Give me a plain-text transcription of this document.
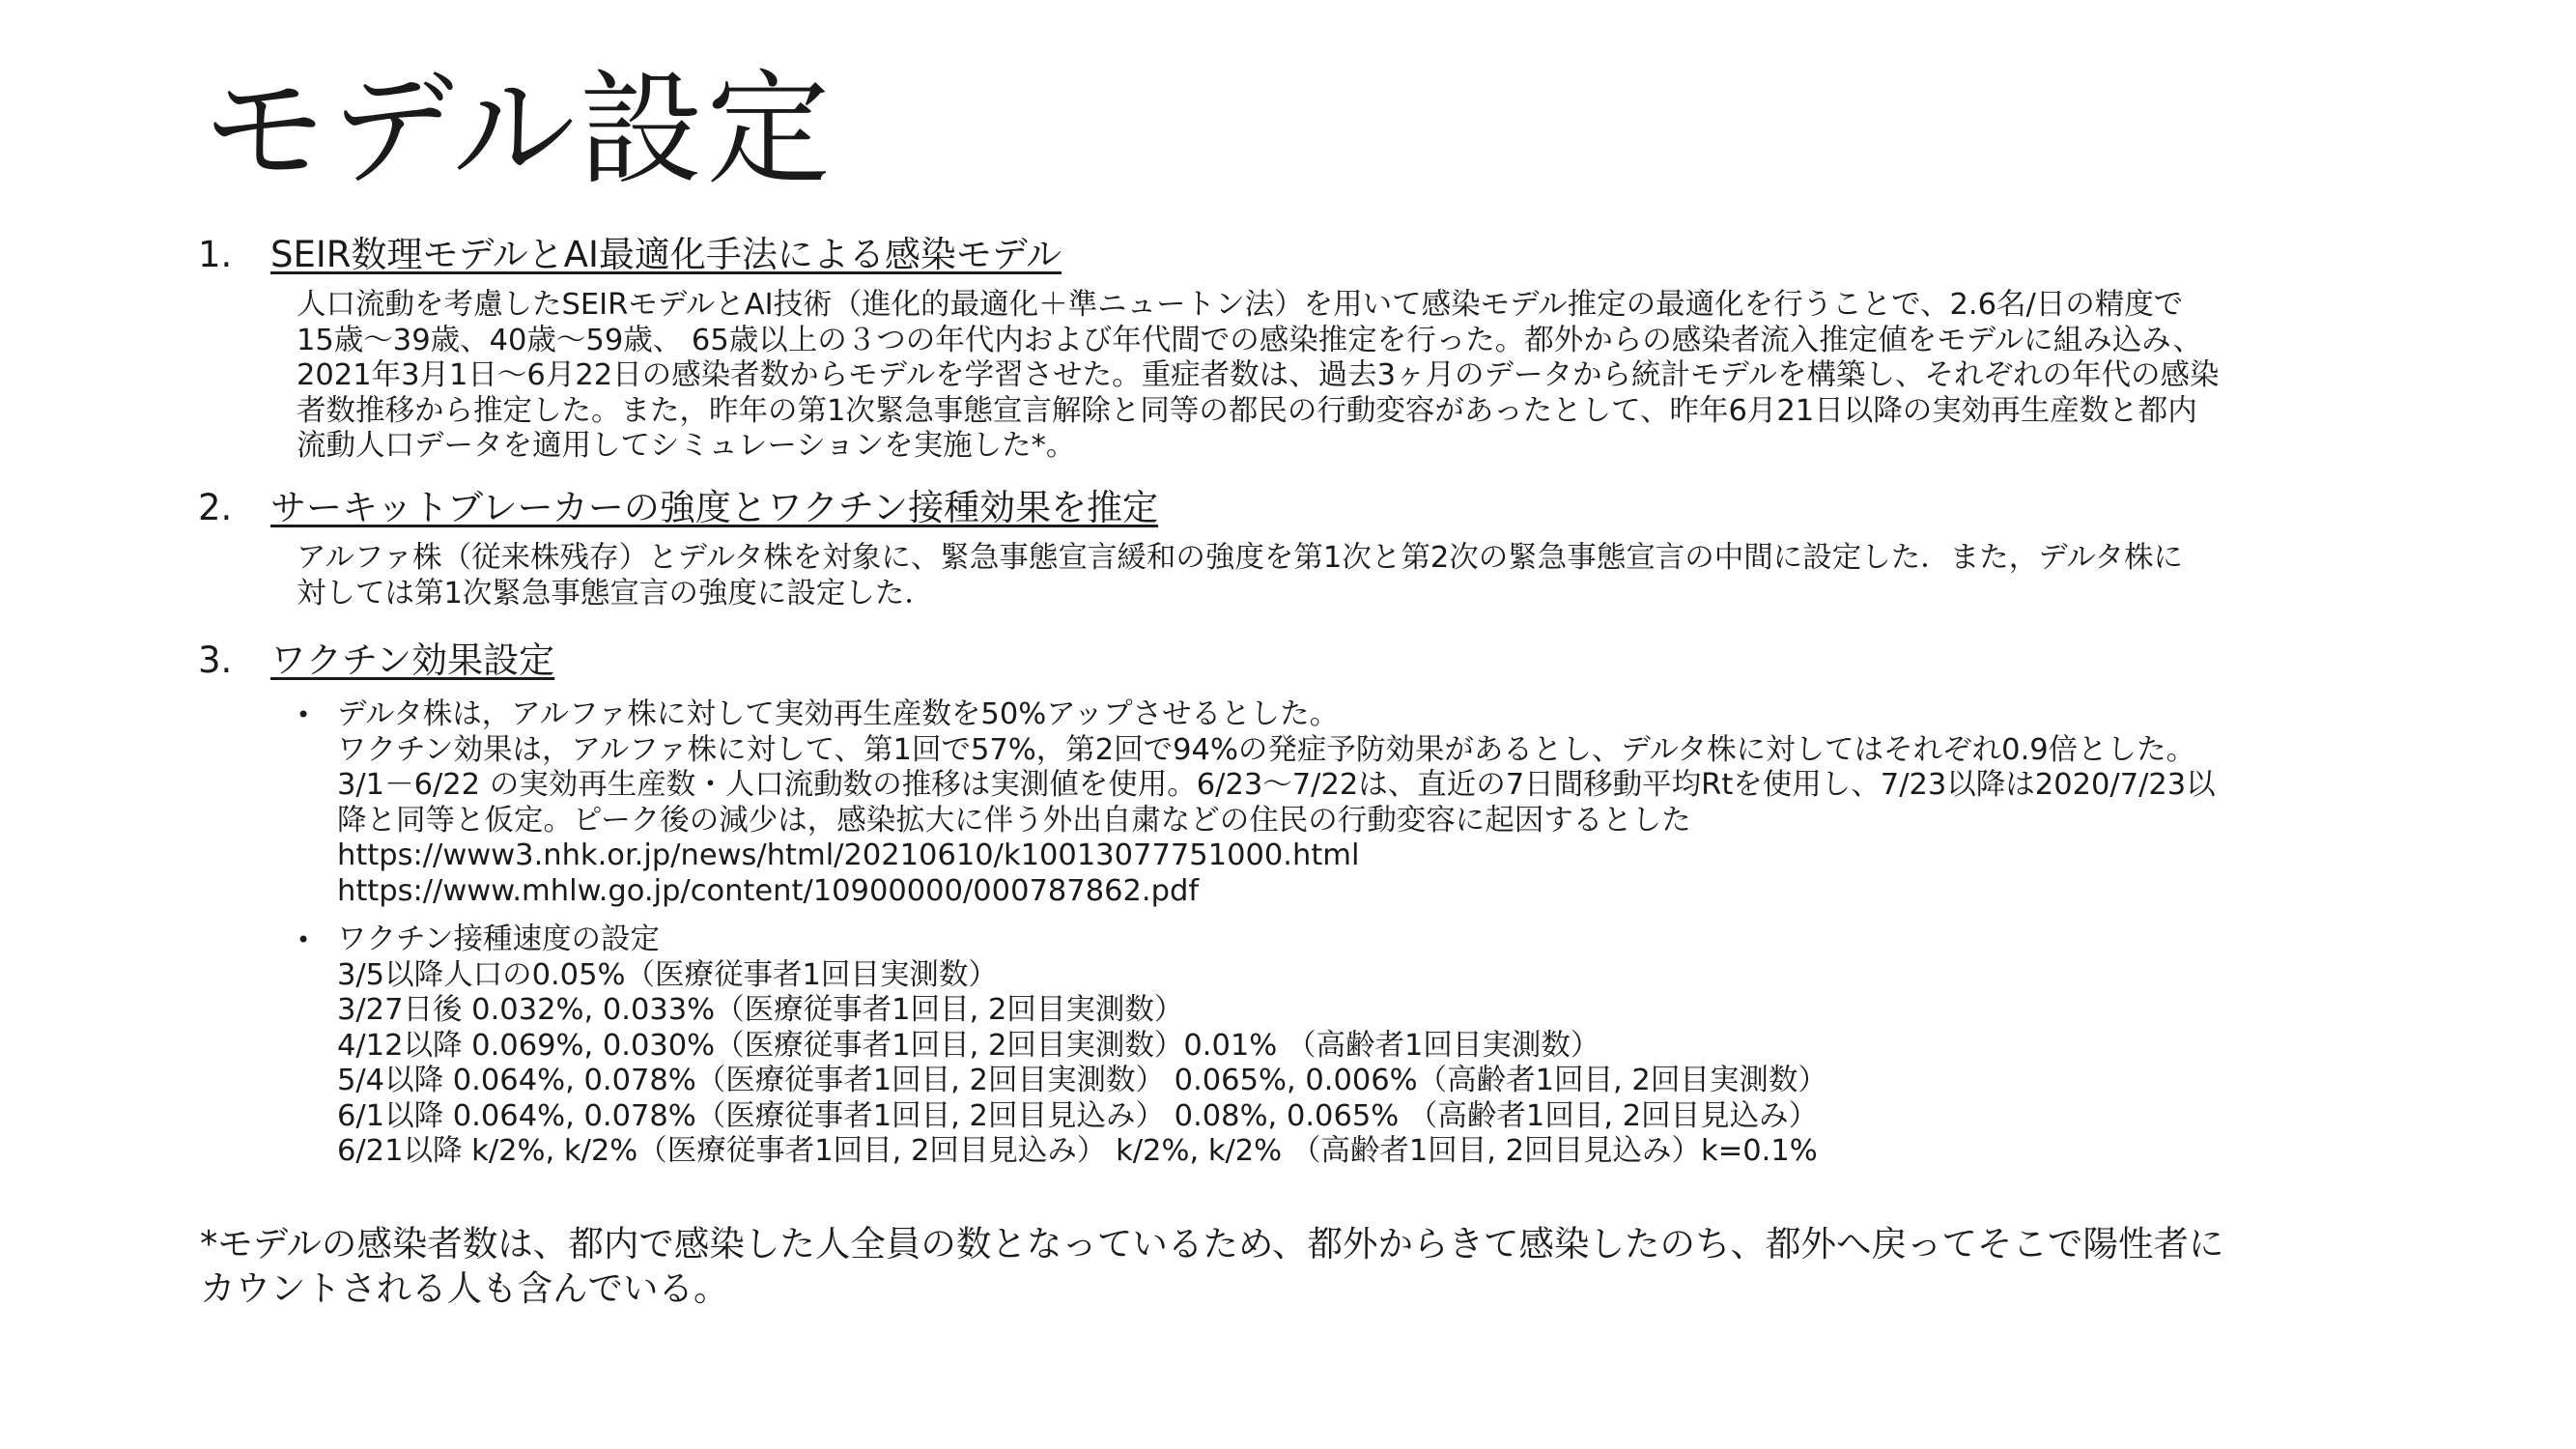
モデル設定
1.	SEIR数理モデルとAI最適化手法による感染モデル
人口流動を考慮したSEIRモデルとAI技術（進化的最適化＋準ニュートン法）を用いて感染モデル推定の最適化を行うことで、2.6名/日の精度で
15歳～39歳、40歳～59歳、 65歳以上の３つの年代内および年代間での感染推定を行った。都外からの感染者流入推定値をモデルに組み込み、
2021年3月1日～6月22日の感染者数からモデルを学習させた。重症者数は、過去3ヶ月のデータから統計モデルを構築し、それぞれの年代の感染
者数推移から推定した。また，昨年の第1次緊急事態宣言解除と同等の都民の行動変容があったとして、昨年6月21日以降の実効再生産数と都内
流動人口データを適用してシミュレーションを実施した*。
2.	サーキットブレーカーの強度とワクチン接種効果を推定
アルファ株（従来株残存）とデルタ株を対象に、緊急事態宣言緩和の強度を第1次と第2次の緊急事態宣言の中間に設定した．また，デルタ株に
対しては第1次緊急事態宣言の強度に設定した．
3.	ワクチン効果設定
• デルタ株は，アルファ株に対して実効再生産数を50%アップさせるとした。
ワクチン効果は，アルファ株に対して、第1回で57%，第2回で94%の発症予防効果があるとし、デルタ株に対してはそれぞれ0.9倍とした。
3/1－6/22 の実効再生産数・人口流動数の推移は実測値を使用。6/23～7/22は、直近の7日間移動平均Rtを使用し、7/23以降は2020/7/23以
降と同等と仮定。ピーク後の減少は，感染拡大に伴う外出自粛などの住民の行動変容に起因するとした
https://www3.nhk.or.jp/news/html/20210610/k10013077751000.html
https://www.mhlw.go.jp/content/10900000/000787862.pdf
• ワクチン接種速度の設定
3/5以降人口の0.05%（医療従事者1回目実測数）
3/27日後 0.032%, 0.033%（医療従事者1回目, 2回目実測数）
4/12以降 0.069%, 0.030%（医療従事者1回目, 2回目実測数）0.01% （高齢者1回目実測数）
5/4以降 0.064%, 0.078%（医療従事者1回目, 2回目実測数） 0.065%, 0.006%（高齢者1回目, 2回目実測数）
6/1以降 0.064%, 0.078%（医療従事者1回目, 2回目見込み） 0.08%, 0.065% （高齢者1回目, 2回目見込み）
6/21以降 k/2%, k/2%（医療従事者1回目, 2回目見込み） k/2%, k/2% （高齢者1回目, 2回目見込み）k=0.1%
*モデルの感染者数は、都内で感染した人全員の数となっているため、都外からきて感染したのち、都外へ戻ってそこで陽性者に
カウントされる人も含んでいる。
